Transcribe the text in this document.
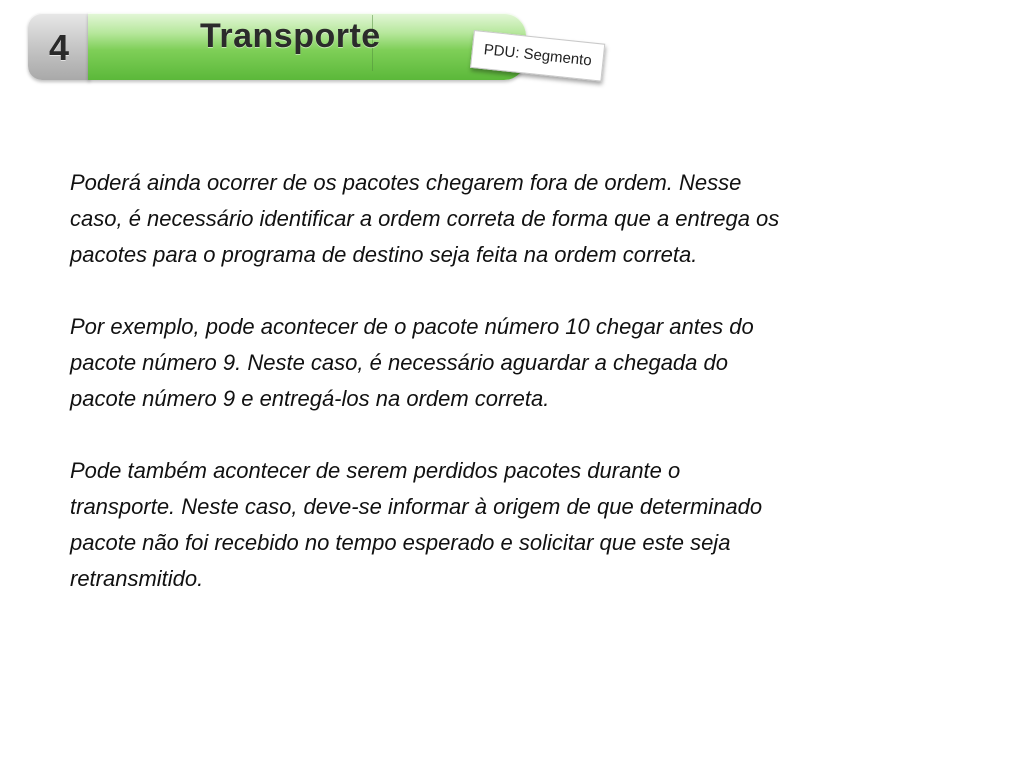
4	Transporte
PDU: Segmento

Poderá ainda ocorrer de os pacotes chegarem fora de ordem. Nesse
caso, é necessário identificar a ordem correta de forma que a entrega os
pacotes para o programa de destino seja feita na ordem correta.

Por exemplo, pode acontecer de o pacote número 10 chegar antes do
pacote número 9. Neste caso, é necessário aguardar a chegada do
pacote número 9 e entregá-los na ordem correta.

Pode também acontecer de serem perdidos pacotes durante o
transporte. Neste caso, deve-se informar à origem de que determinado
pacote não foi recebido no tempo esperado e solicitar que este seja
retransmitido.
